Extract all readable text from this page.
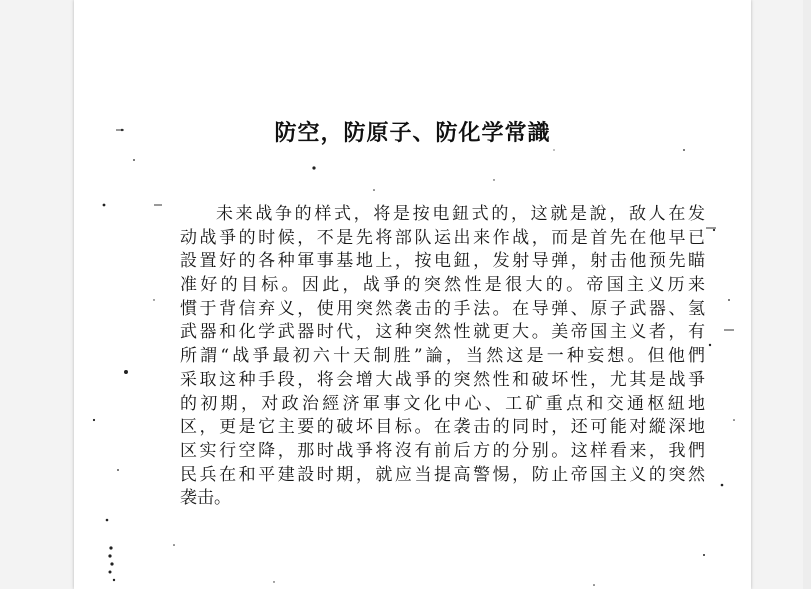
防空，防原子、防化学常識
未来战争的样式，将是按电鈕式的，这就是說，敌人在发
动战爭的时候，不是先将部队运出来作战，而是首先在他早已
設置好的各种軍事基地上，按电鈕，发射导弹，射击他预先瞄
准好的目标。因此，战爭的突然性是很大的。帝国主义历来
慣于背信弃义，使用突然袭击的手法。在导弹、原子武器、氢
武器和化学武器时代，这种突然性就更大。美帝国主义者，有
所謂“战爭最初六十天制胜”論，当然这是一种妄想。但他們
采取这种手段，将会增大战爭的突然性和破坏性，尤其是战爭
的初期，对政治經济軍事文化中心、工矿重点和交通枢紐地
区，更是它主要的破坏目标。在袭击的同时，还可能对縱深地
区实行空降，那时战爭将沒有前后方的分别。这样看来，我們
民兵在和平建設时期，就应当提高警惕，防止帝国主义的突然
袭击。
